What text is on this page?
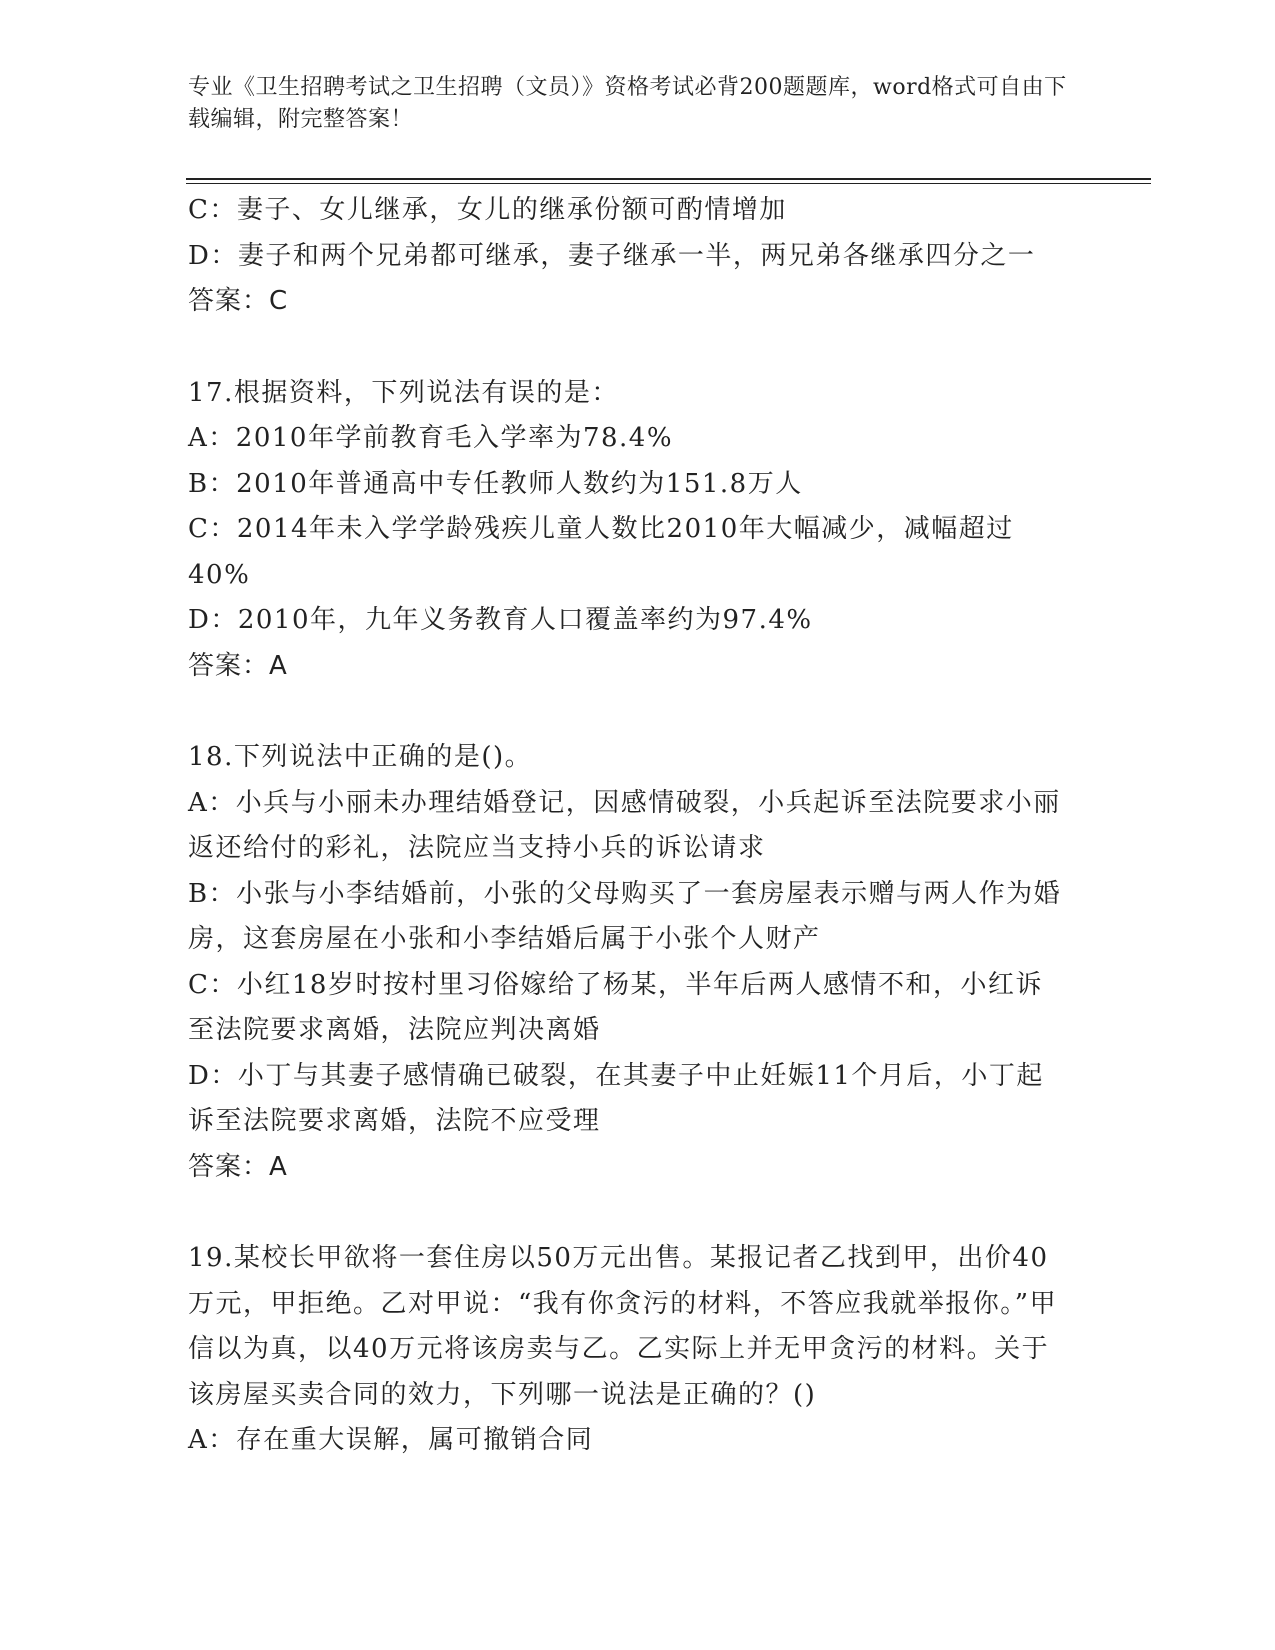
专业《卫生招聘考试之卫生招聘（文员）》资格考试必背200题题库，word格式可自由下载编辑，附完整答案！
C：妻子、女儿继承，女儿的继承份额可酌情增加
D：妻子和两个兄弟都可继承，妻子继承一半，两兄弟各继承四分之一
答案：C
17.根据资料，下列说法有误的是：
A：2010年学前教育毛入学率为78.4%
B：2010年普通高中专任教师人数约为151.8万人
C：2014年未入学学龄残疾儿童人数比2010年大幅减少，减幅超过40%
D：2010年，九年义务教育人口覆盖率约为97.4%
答案：A
18.下列说法中正确的是()。
A：小兵与小丽未办理结婚登记，因感情破裂，小兵起诉至法院要求小丽返还给付的彩礼，法院应当支持小兵的诉讼请求
B：小张与小李结婚前，小张的父母购买了一套房屋表示赠与两人作为婚房，这套房屋在小张和小李结婚后属于小张个人财产
C：小红18岁时按村里习俗嫁给了杨某，半年后两人感情不和，小红诉至法院要求离婚，法院应判决离婚
D：小丁与其妻子感情确已破裂，在其妻子中止妊娠11个月后，小丁起诉至法院要求离婚，法院不应受理
答案：A
19.某校长甲欲将一套住房以50万元出售。某报记者乙找到甲，出价40万元，甲拒绝。乙对甲说：“我有你贪污的材料，不答应我就举报你。”甲信以为真，以40万元将该房卖与乙。乙实际上并无甲贪污的材料。关于该房屋买卖合同的效力，下列哪一说法是正确的？()
A：存在重大误解，属可撤销合同
